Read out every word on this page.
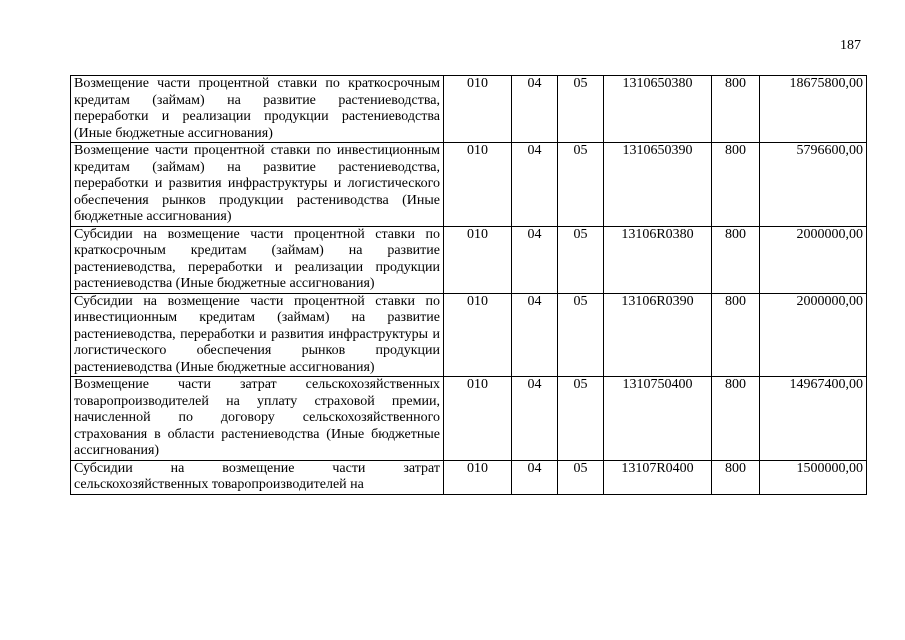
187
Возмещение части процентной ставки по краткосрочным кредитам (займам) на развитие растениеводства, переработки и реализации продукции растениеводства (Иные бюджетные ассигнования)	010	04	05	1310650380	800	18675800,00
Возмещение части процентной ставки по инвестиционным кредитам (займам) на развитие растениеводства, переработки и развития инфраструктуры и логистического обеспечения рынков продукции растениводства (Иные бюджетные ассигнования)	010	04	05	1310650390	800	5796600,00
Субсидии на возмещение части процентной ставки по краткосрочным кредитам (займам) на развитие растениеводства, переработки и реализации продукции растениеводства (Иные бюджетные ассигнования)	010	04	05	13106R0380	800	2000000,00
Субсидии на возмещение части процентной ставки по инвестиционным кредитам (займам) на развитие растениеводства, переработки и развития инфраструктуры и логистического обеспечения рынков продукции растениеводства (Иные бюджетные ассигнования)	010	04	05	13106R0390	800	2000000,00
Возмещение части затрат сельскохозяйственных товаропроизводителей на уплату страховой премии, начисленной по договору сельскохозяйственного страхования в области растениеводства (Иные бюджетные ассигнования)	010	04	05	1310750400	800	14967400,00
Субсидии на возмещение части затрат сельскохозяйственных товаропроизводителей на	010	04	05	13107R0400	800	1500000,00
